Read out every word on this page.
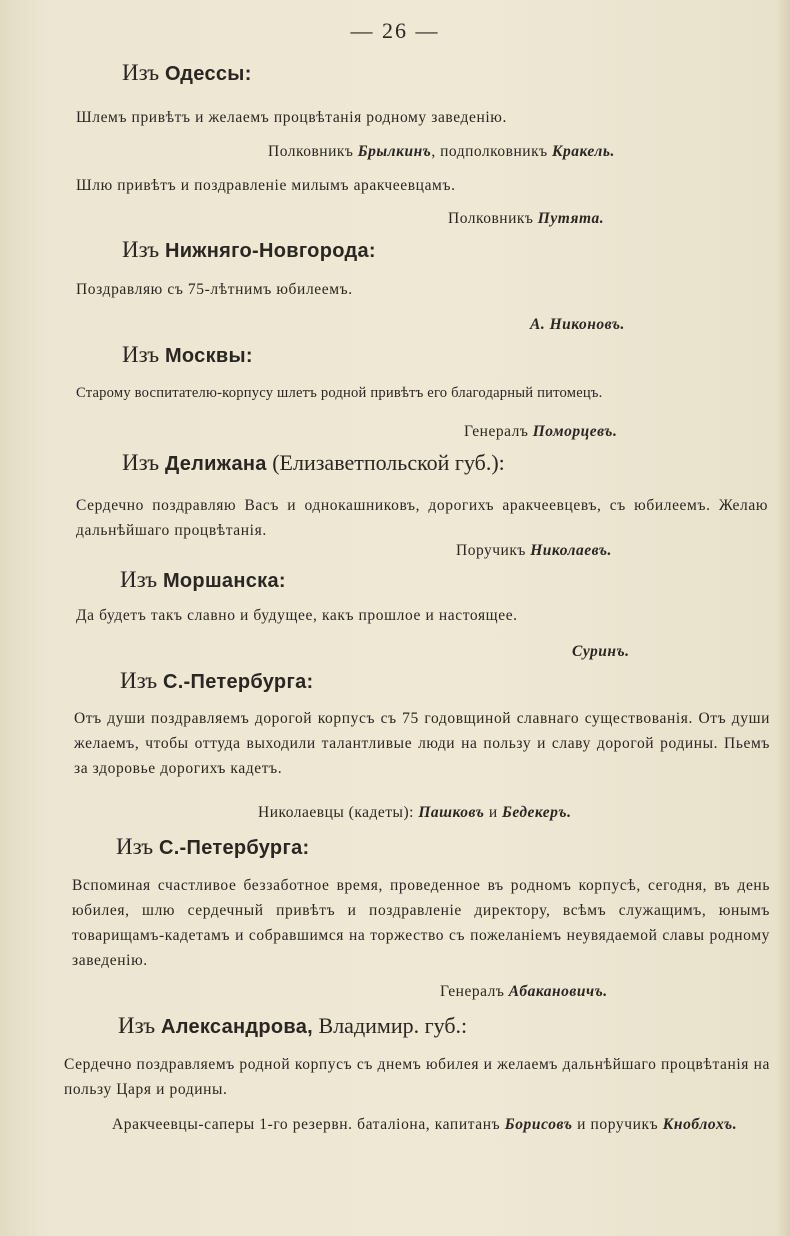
— 26 —
Изъ Одессы:
Шлемъ привѣтъ и желаемъ процвѣтанія родному заведенію.
Полковникъ Брылкинъ, подполковникъ Кракель.
Шлю привѣтъ и поздравленіе милымъ аракчеевцамъ.
Полковникъ Путята.
Изъ Нижняго-Новгорода:
Поздравляю съ 75-лѣтнимъ юбилеемъ.
А. Никоновъ.
Изъ Москвы:
Старому воспитателю-корпусу шлетъ родной привѣтъ его благодарный питомецъ.
Генералъ Поморцевъ.
Изъ Делижана (Елизаветпольской губ.):
Сердечно поздравляю Васъ и однокашниковъ, дорогихъ аракчеевцевъ, съ юбилеемъ. Желаю дальнѣйшаго процвѣтанія.
Поручикъ Николаевъ.
Изъ Моршанска:
Да будетъ такъ славно и будущее, какъ прошлое и настоящее.
Суринъ.
Изъ С.-Петербурга:
Отъ души поздравляемъ дорогой корпусъ съ 75 годовщиной славнаго существованія. Отъ души желаемъ, чтобы оттуда выходили талантливые люди на пользу и славу дорогой родины. Пьемъ за здоровье дорогихъ кадетъ.
Николаевцы (кадеты): Пашковъ и Бедекеръ.
Изъ С.-Петербурга:
Вспоминая счастливое беззаботное время, проведенное въ родномъ корпусѣ, сегодня, въ день юбилея, шлю сердечный привѣтъ и поздравленіе директору, всѣмъ служащимъ, юнымъ товарищамъ-кадетамъ и собравшимся на торжество съ пожеланіемъ неувядаемой славы родному заведенію.
Генералъ Абакановичъ.
Изъ Александрова, Владимир. губ.:
Сердечно поздравляемъ родной корпусъ съ днемъ юбилея и желаемъ дальнѣйшаго процвѣтанія на пользу Царя и родины.
Аракчеевцы-саперы 1-го резервн. баталіона, капитанъ Борисовъ и поручикъ Кноблохъ.
